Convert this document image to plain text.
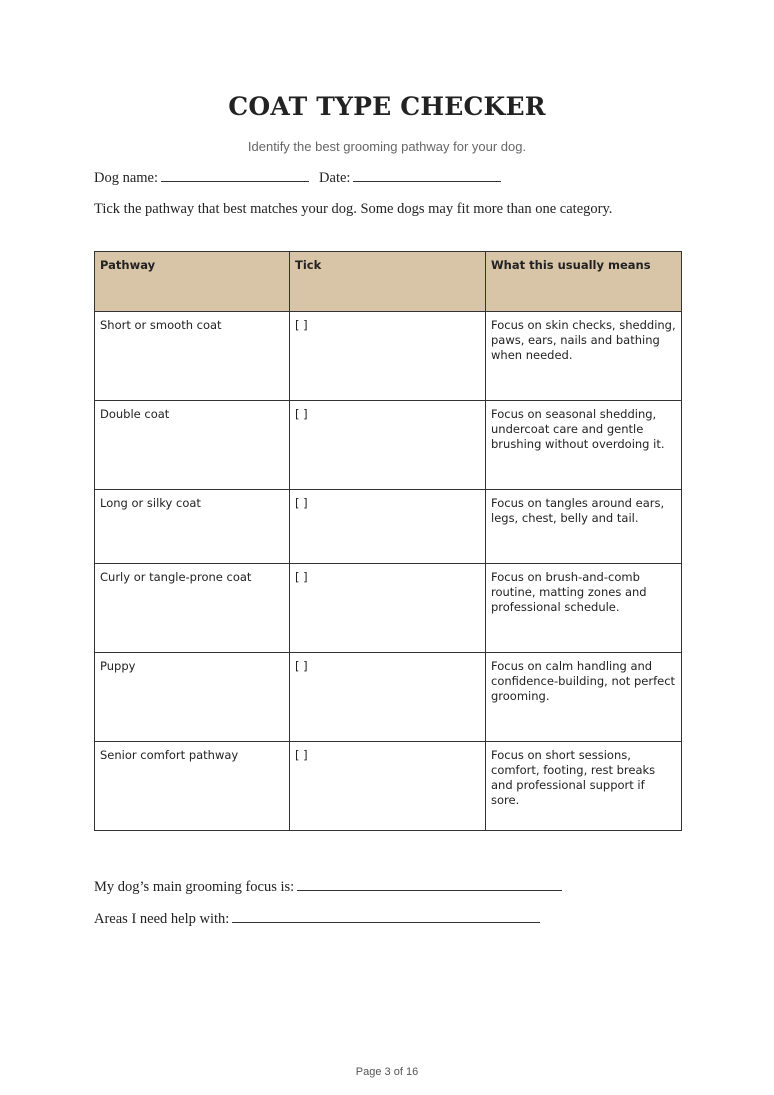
COAT TYPE CHECKER
Identify the best grooming pathway for your dog.
Dog name:	Date:
Tick the pathway that best matches your dog. Some dogs may fit more than one category.
Pathway	Tick	What this usually means
Short or smooth coat	[ ]	Focus on skin checks, shedding, paws, ears, nails and bathing when needed.
Double coat	[ ]	Focus on seasonal shedding, undercoat care and gentle brushing without overdoing it.
Long or silky coat	[ ]	Focus on tangles around ears, legs, chest, belly and tail.
Curly or tangle-prone coat	[ ]	Focus on brush-and-comb routine, matting zones and professional schedule.
Puppy	[ ]	Focus on calm handling and confidence-building, not perfect grooming.
Senior comfort pathway	[ ]	Focus on short sessions, comfort, footing, rest breaks and professional support if sore.
My dog’s main grooming focus is:
Areas I need help with:
Page 3 of 16
